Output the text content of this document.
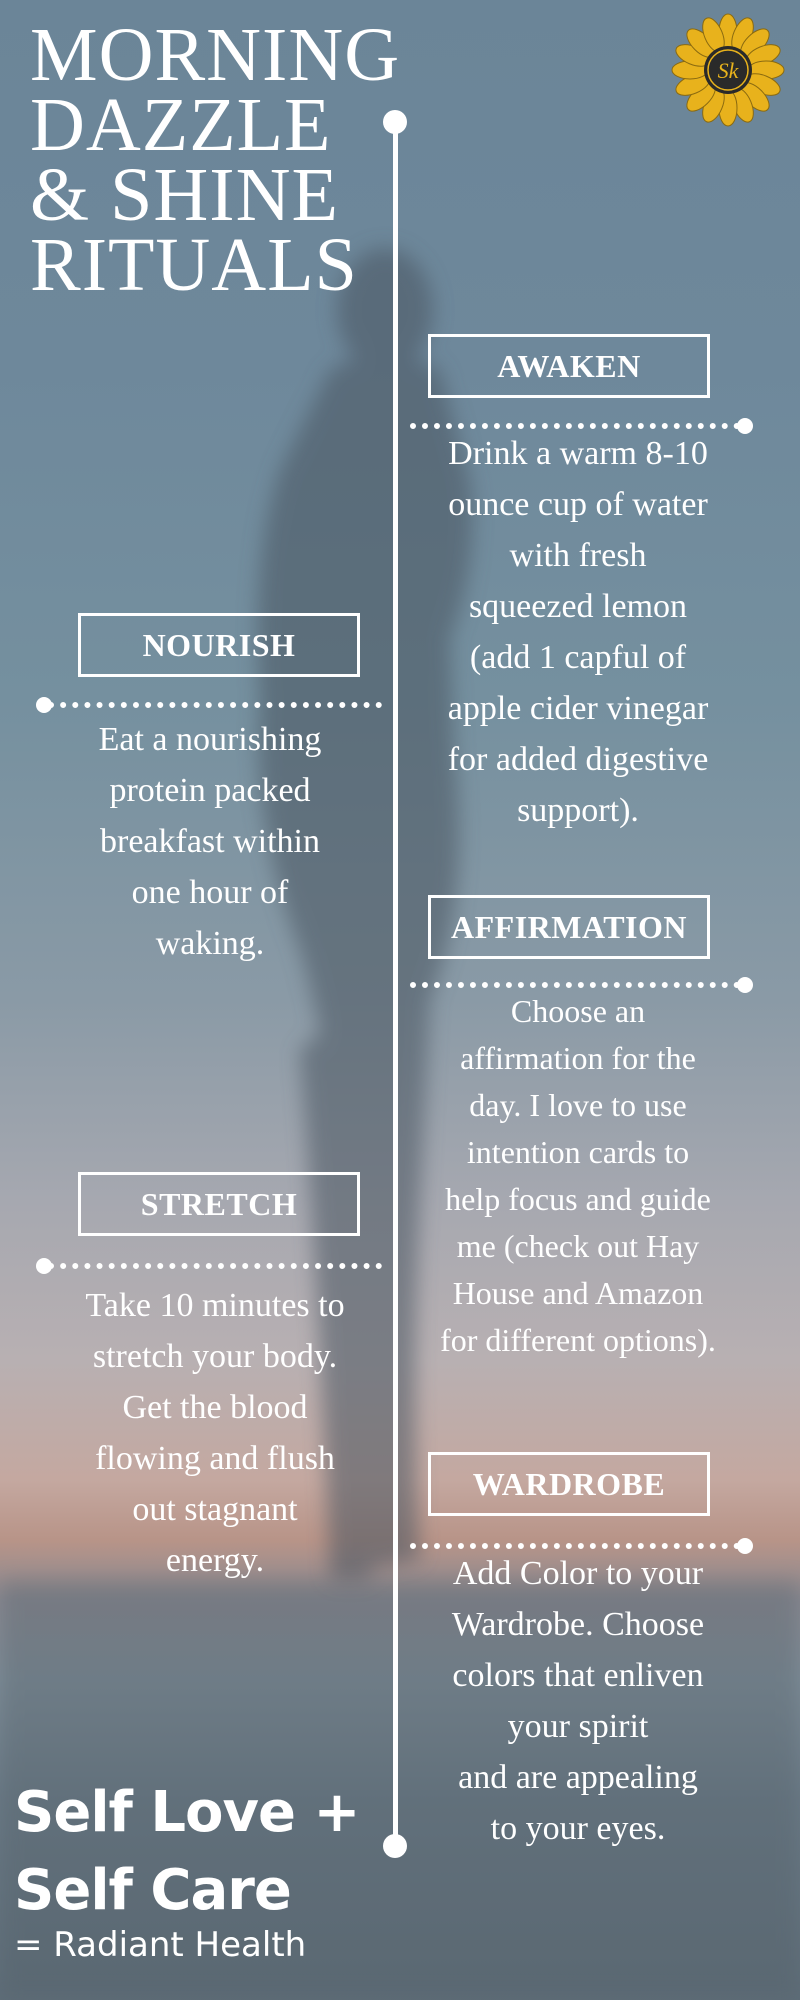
MORNING
DAZZLE
& SHINE
RITUALS
Sk
AWAKEN
Drink a warm 8-10
ounce cup of water
with fresh
squeezed lemon
(add 1 capful of
apple cider vinegar
for added digestive
support).
NOURISH
Eat a nourishing
protein packed
breakfast within
one hour of
waking.	AFFIRMATION
Choose an
affirmation for the
day. I love to use
intention cards to
help focus and guide
me (check out Hay
House and Amazon
for different options).
STRETCH
Take 10 minutes to
stretch your body.
Get the blood
flowing and flush
out stagnant
energy.
WARDROBE
Add Color to your
Wardrobe. Choose
colors that enliven
your spirit
and are appealing
to your eyes.
Self Love +
Self Care
= Radiant Health
